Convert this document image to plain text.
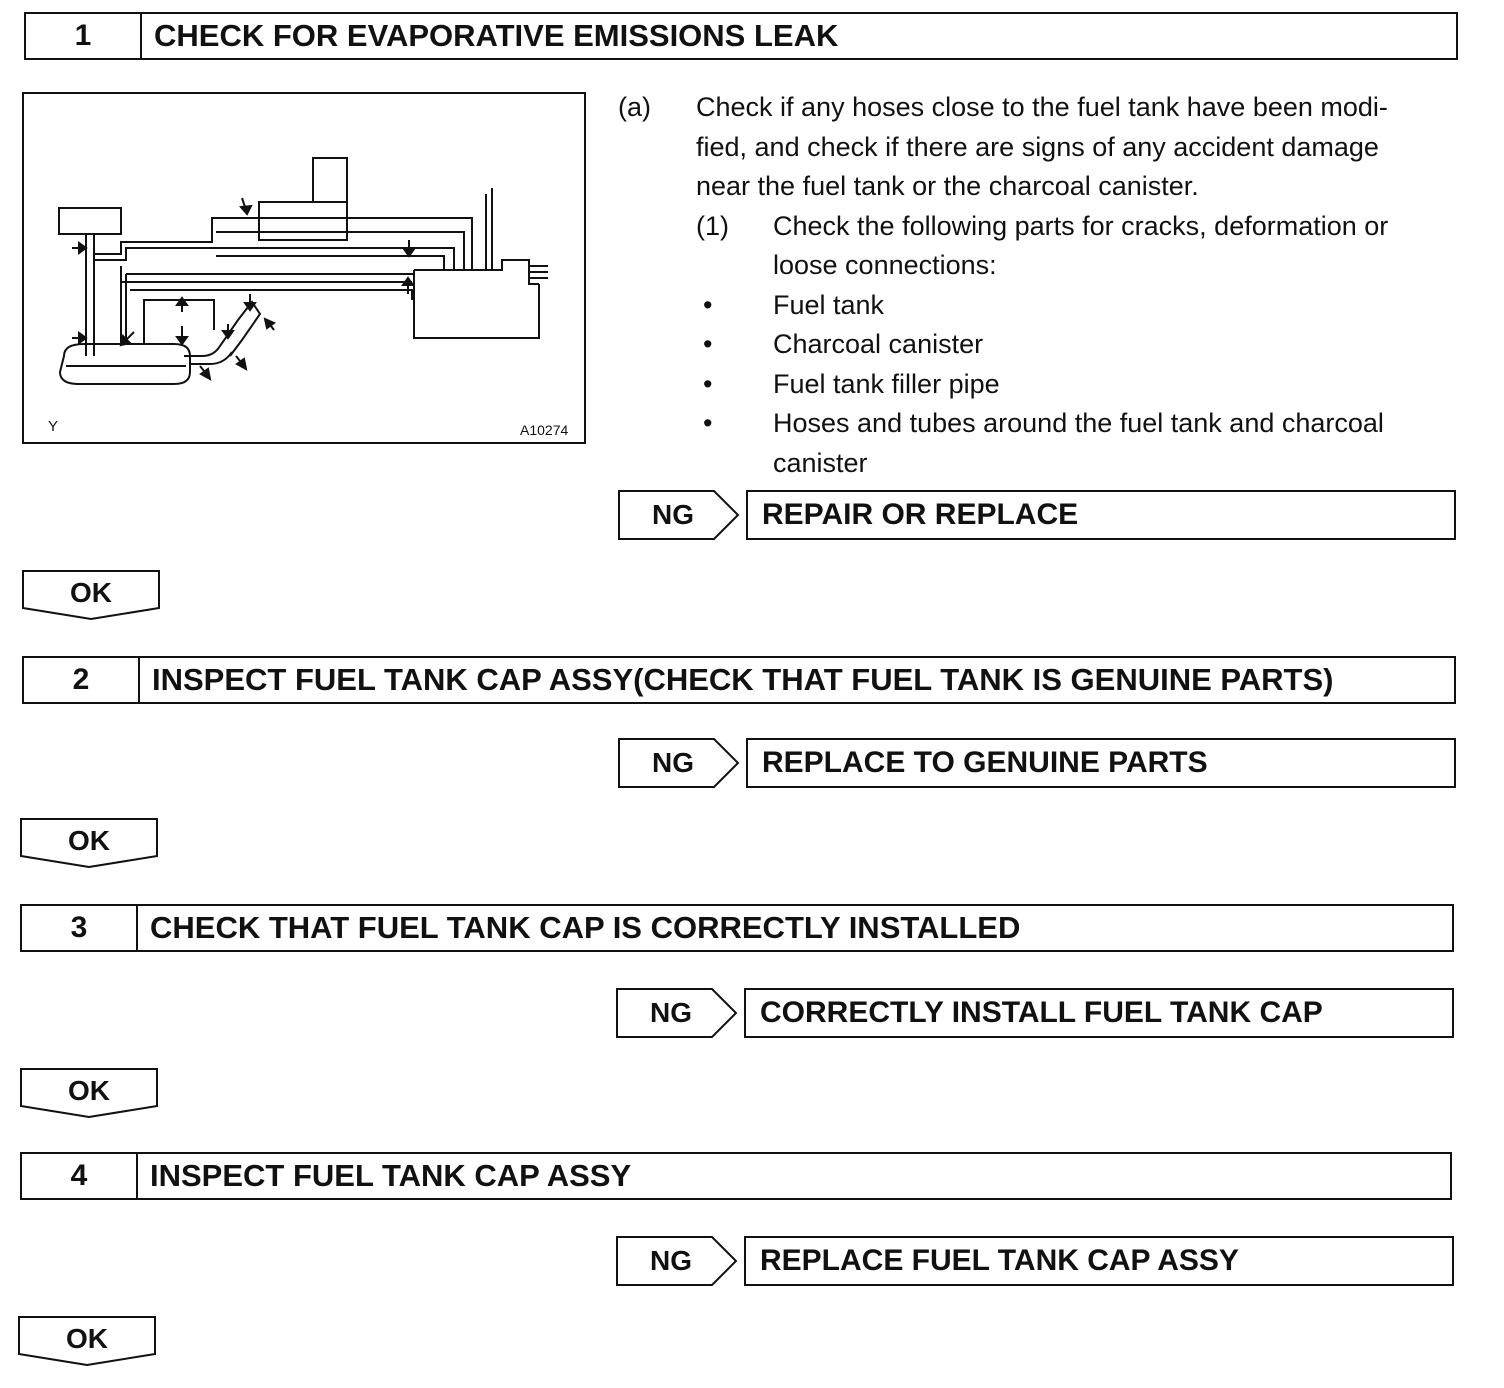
1	CHECK FOR EVAPORATIVE EMISSIONS LEAK
Y	A10274
(a) Check if any hoses close to the fuel tank have been modi-
fied, and check if there are signs of any accident damage
near the fuel tank or the charcoal canister.
(1) Check the following parts for cracks, deformation or
loose connections:
• Fuel tank
• Charcoal canister
• Fuel tank filler pipe
• Hoses and tubes around the fuel tank and charcoal
canister
NG	REPAIR OR REPLACE
OK
2	INSPECT FUEL TANK CAP ASSY(CHECK THAT FUEL TANK IS GENUINE PARTS)
NG	REPLACE TO GENUINE PARTS
OK
3	CHECK THAT FUEL TANK CAP IS CORRECTLY INSTALLED
NG	CORRECTLY INSTALL FUEL TANK CAP
OK
4	INSPECT FUEL TANK CAP ASSY
NG	REPLACE FUEL TANK CAP ASSY
OK
